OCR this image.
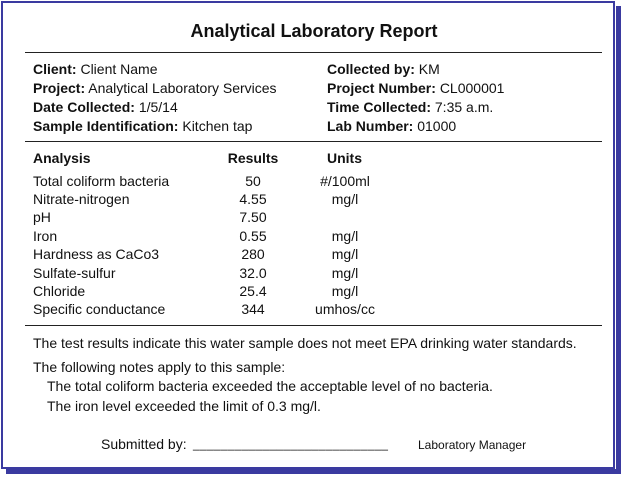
Analytical Laboratory Report
Client: Client Name
Project: Analytical Laboratory Services
Date Collected: 1/5/14
Sample Identification: Kitchen tap
Collected by: KM
Project Number: CL000001
Time Collected: 7:35 a.m.
Lab Number: 01000
Analysis	Results	Units
Total coliform bacteria	50	#/100ml
Nitrate-nitrogen	4.55	mg/l
pH	7.50
Iron	0.55	mg/l
Hardness as CaCo3	280	mg/l
Sulfate-sulfur	32.0	mg/l
Chloride	25.4	mg/l
Specific conductance	344	umhos/cc
The test results indicate this water sample does not meet EPA drinking water standards.
The following notes apply to this sample:
The total coliform bacteria exceeded the acceptable level of no bacteria.
The iron level exceeded the limit of 0.3 mg/l.
Submitted by: ____________________________ Laboratory Manager
